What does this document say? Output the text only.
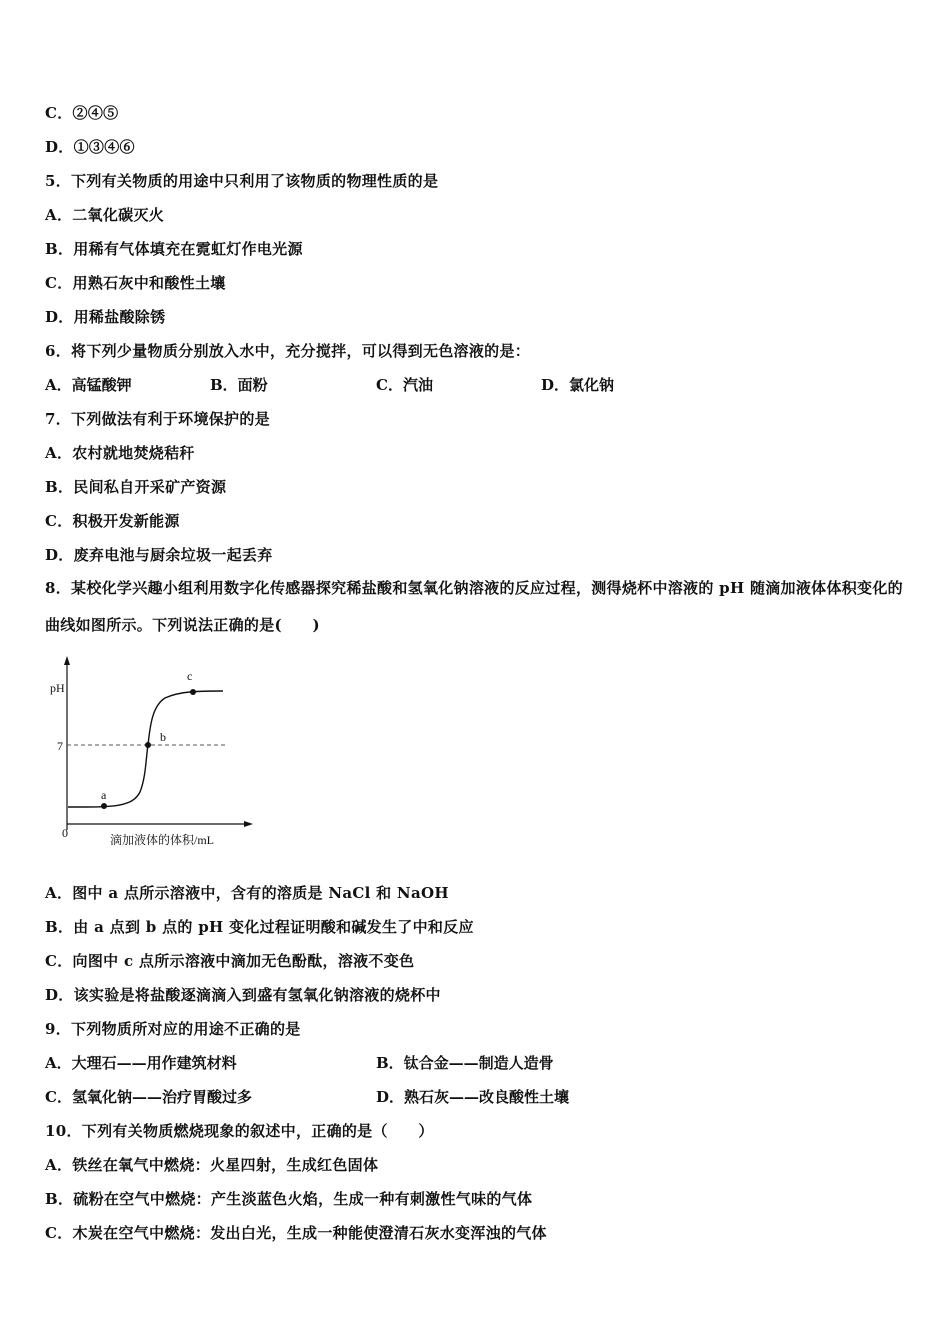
C．②④⑤
D．①③④⑥
5．下列有关物质的用途中只利用了该物质的物理性质的是
A．二氧化碳灭火
B．用稀有气体填充在霓虹灯作电光源
C．用熟石灰中和酸性土壤
D．用稀盐酸除锈
6．将下列少量物质分别放入水中，充分搅拌，可以得到无色溶液的是：
A．高锰酸钾	B．面粉	C．汽油	D．氯化钠
7．下列做法有利于环境保护的是
A．农村就地焚烧秸秆
B．民间私自开采矿产资源
C．积极开发新能源
D．废弃电池与厨余垃圾一起丢弃
8．某校化学兴趣小组利用数字化传感器探究稀盐酸和氢氧化钠溶液的反应过程，测得烧杯中溶液的 pH 随滴加液体体积变化的曲线如图所示。下列说法正确的是(　　)
pH
7
0	滴加液体的体积/mL
a
b
c
A．图中 a 点所示溶液中，含有的溶质是 NaCl 和 NaOH
B．由 a 点到 b 点的 pH 变化过程证明酸和碱发生了中和反应
C．向图中 c 点所示溶液中滴加无色酚酞，溶液不变色
D．该实验是将盐酸逐滴滴入到盛有氢氧化钠溶液的烧杯中
9．下列物质所对应的用途不正确的是
A．大理石——用作建筑材料	B．钛合金——制造人造骨
C．氢氧化钠——治疗胃酸过多	D．熟石灰——改良酸性土壤
10．下列有关物质燃烧现象的叙述中，正确的是（　　）
A．铁丝在氧气中燃烧：火星四射，生成红色固体
B．硫粉在空气中燃烧：产生淡蓝色火焰，生成一种有刺激性气味的气体
C．木炭在空气中燃烧：发出白光，生成一种能使澄清石灰水变浑浊的气体
